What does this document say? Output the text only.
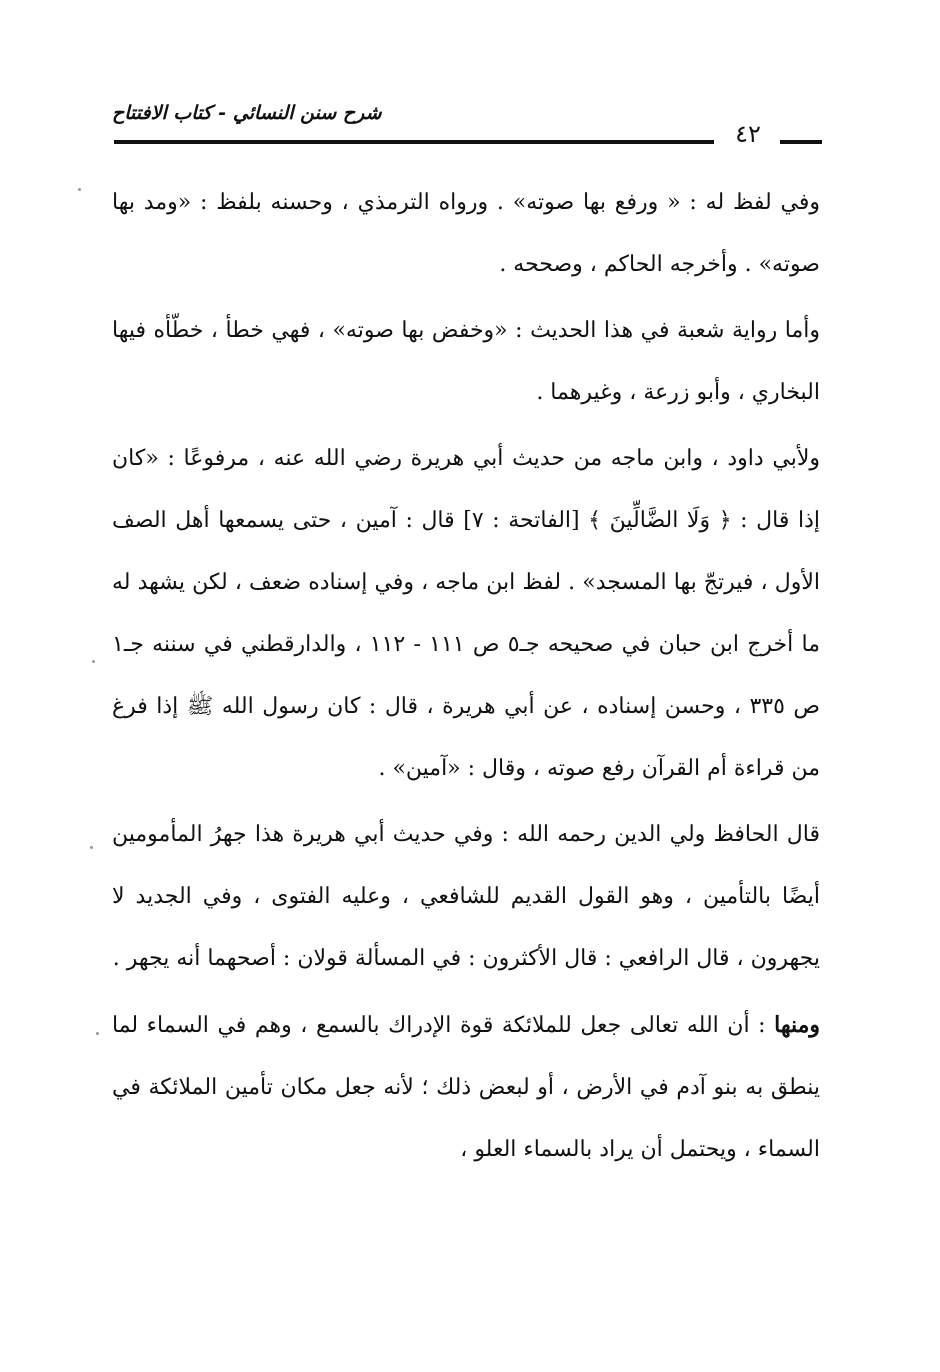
شرح سنن النسائي - كتاب الافتتاح
٤٢

وفي لفظ له : « ورفع بها صوته» . ورواه الترمذي ، وحسنه بلفظ : «ومد بها صوته» . وأخرجه الحاكم ، وصححه .

وأما رواية شعبة في هذا الحديث : «وخفض بها صوته» ، فهي خطأ ، خطّأه فيها البخاري ، وأبو زرعة ، وغيرهما .

ولأبي داود ، وابن ماجه من حديث أبي هريرة رضي الله عنه ، مرفوعًا : «كان إذا قال : ﴿ وَلَا الضَّالِّينَ ﴾ [الفاتحة : ٧] قال : آمين ، حتى يسمعها أهل الصف الأول ، فيرتجّ بها المسجد» . لفظ ابن ماجه ، وفي إسناده ضعف ، لكن يشهد له ما أخرج ابن حبان في صحيحه جـ٥ ص ١١١ - ١١٢ ، والدارقطني في سننه جـ١ ص ٣٣٥ ، وحسن إسناده ، عن أبي هريرة ، قال : كان رسول الله ﷺ إذا فرغ من قراءة أم القرآن رفع صوته ، وقال : «آمين» .

قال الحافظ ولي الدين رحمه الله : وفي حديث أبي هريرة هذا جهرُ المأمومين أيضًا بالتأمين ، وهو القول القديم للشافعي ، وعليه الفتوى ، وفي الجديد لا يجهرون ، قال الرافعي : قال الأكثرون : في المسألة قولان : أصحهما أنه يجهر .

ومنها : أن الله تعالى جعل للملائكة قوة الإدراك بالسمع ، وهم في السماء لما ينطق به بنو آدم في الأرض ، أو لبعض ذلك ؛ لأنه جعل مكان تأمين الملائكة في السماء ، ويحتمل أن يراد بالسماء العلو ،
